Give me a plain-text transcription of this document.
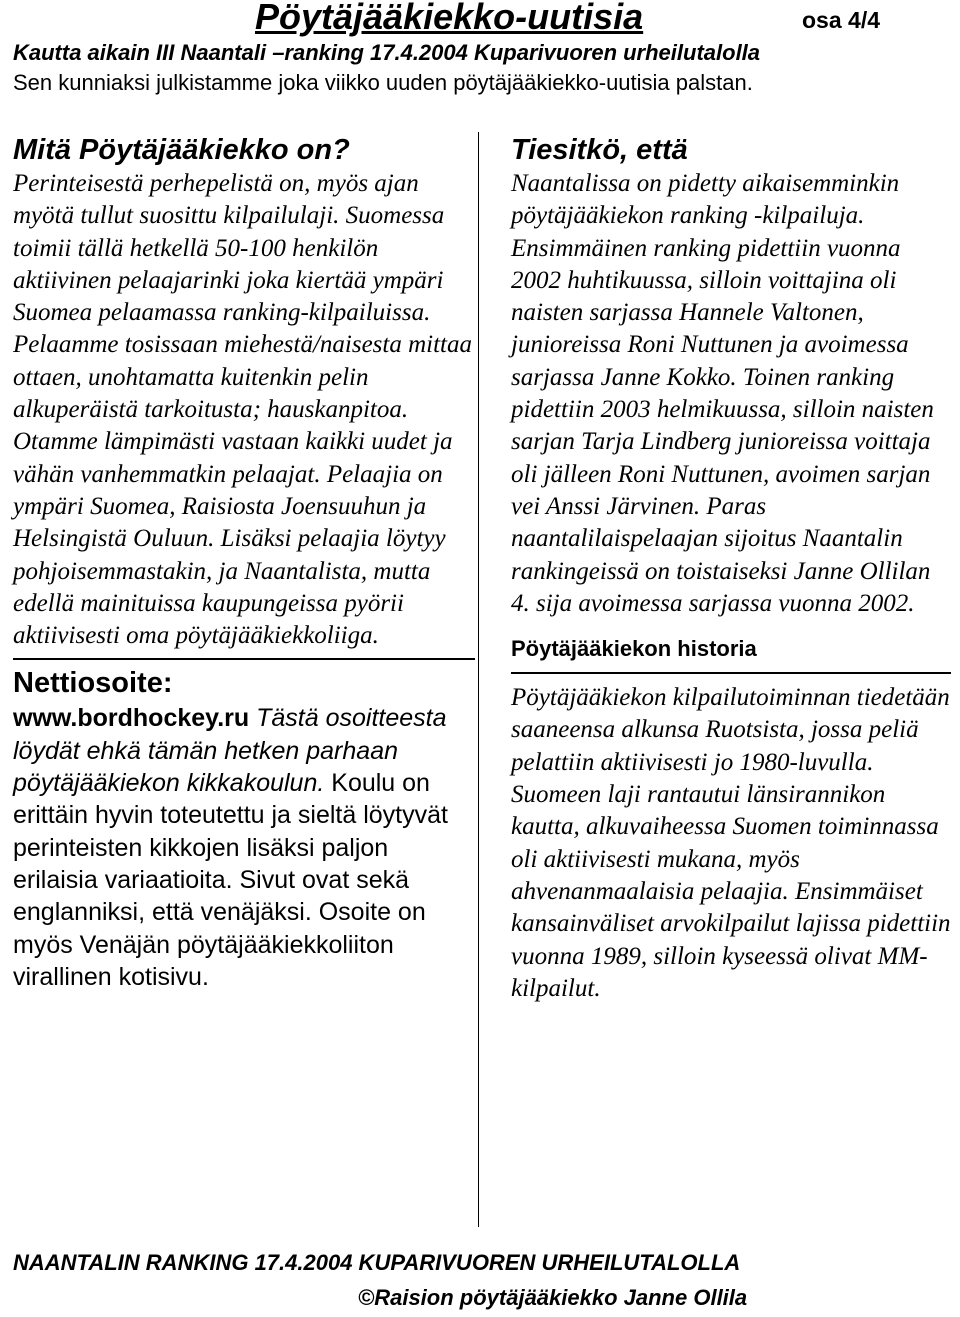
Pöytäjääkiekko-uutisia	osa 4/4
Kautta aikain III Naantali –ranking 17.4.2004 Kuparivuoren urheilutalolla
Sen kunniaksi julkistamme joka viikko uuden pöytäjääkiekko-uutisia palstan.
Mitä Pöytäjääkiekko on?

Perinteisestä perhepelistä on, myös ajan myötä tullut suosittu kilpailulaji. Suomessa toimii tällä hetkellä 50-100 henkilön aktiivinen pelaajarinki joka kiertää ympäri Suomea pelaamassa ranking-kilpailuissa. Pelaamme tosissaan miehestä/naisesta mittaa ottaen, unohtamatta kuitenkin pelin alkuperäistä tarkoitusta; hauskanpitoa. Otamme lämpimästi vastaan kaikki uudet ja vähän vanhemmatkin pelaajat. Pelaajia on ympäri Suomea, Raisiosta Joensuuhun ja Helsingistä Ouluun. Lisäksi pelaajia löytyy pohjoisemmastakin, ja Naantalista, mutta edellä mainituissa kaupungeissa pyörii aktiivisesti oma pöytäjääkiekkoliiga.

Nettiosoite:

www.bordhockey.ru Tästä osoitteesta löydät ehkä tämän hetken parhaan pöytäjääkiekon kikkakoulun. Koulu on erittäin hyvin toteutettu ja sieltä löytyvät perinteisten kikkojen lisäksi paljon erilaisia variaatioita. Sivut ovat sekä englanniksi, että venäjäksi. Osoite on myös Venäjän pöytäjääkiekkoliiton virallinen kotisivu.

Tiesitkö, että

Naantalissa on pidetty aikaisemminkin pöytäjääkiekon ranking -kilpailuja. Ensimmäinen ranking pidettiin vuonna 2002 huhtikuussa, silloin voittajina oli naisten sarjassa Hannele Valtonen, junioreissa Roni Nuttunen ja avoimessa sarjassa Janne Kokko. Toinen ranking pidettiin 2003 helmikuussa, silloin naisten sarjan Tarja Lindberg junioreissa voittaja oli jälleen Roni Nuttunen, avoimen sarjan vei Anssi Järvinen. Paras naantalilaispelaajan sijoitus Naantalin rankingeissä on toistaiseksi Janne Ollilan 4. sija avoimessa sarjassa vuonna 2002.

Pöytäjääkiekon historia

Pöytäjääkiekon kilpailutoiminnan tiedetään saaneensa alkunsa Ruotsista, jossa peliä pelattiin aktiivisesti jo 1980-luvulla. Suomeen laji rantautui länsirannikon kautta, alkuvaiheessa Suomen toiminnassa oli aktiivisesti mukana, myös ahvenanmaalaisia pelaajia. Ensimmäiset kansainväliset arvokilpailut lajissa pidettiin vuonna 1989, silloin kyseessä olivat MM-kilpailut.

NAANTALIN RANKING 17.4.2004 KUPARIVUOREN URHEILUTALOLLA
©Raision pöytäjääkiekko Janne Ollila
